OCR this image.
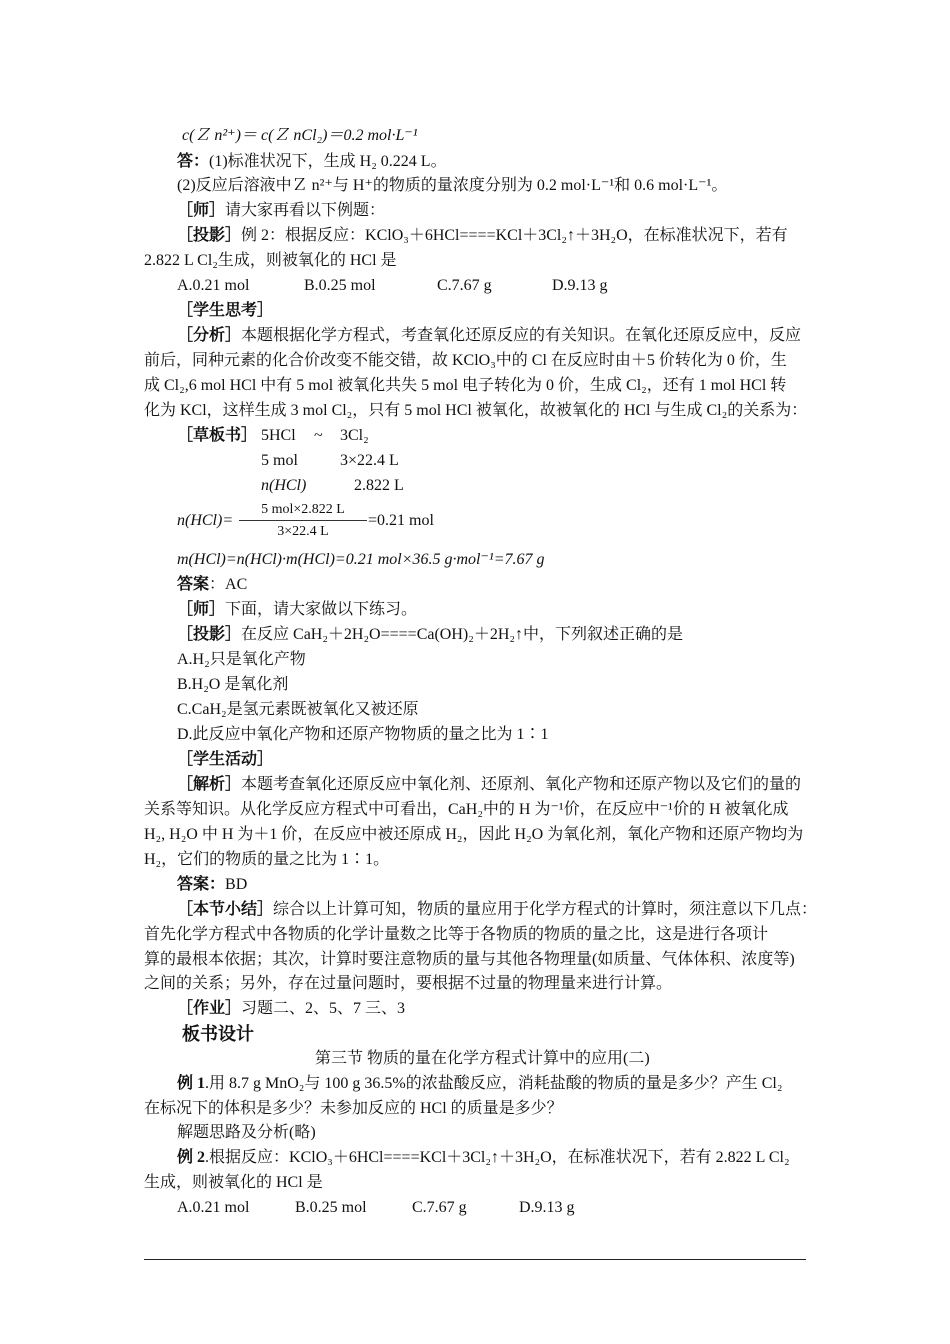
c(Ｚ n²⁺)＝ c(Ｚ nCl₂)＝0.2 mol·L⁻¹
答：(1)标准状况下，生成 H₂ 0.224 L。
(2)反应后溶液中Ｚ n²⁺与 H⁺的物质的量浓度分别为 0.2 mol·L⁻¹和 0.6 mol·L⁻¹。
［师］请大家再看以下例题：
［投影］例 2：根据反应：KClO₃＋6HCl====KCl＋3Cl₂↑＋3H₂O，在标准状况下，若有
2.822 L Cl₂生成，则被氧化的 HCl 是
A.0.21 mol	B.0.25 mol	C.7.67 g	D.9.13 g
［学生思考］
［分析］本题根据化学方程式，考查氧化还原反应的有关知识。在氧化还原反应中，反应
前后，同种元素的化合价改变不能交错，故 KClO₃中的 Cl 在反应时由＋5 价转化为 0 价，生
成 Cl₂,6 mol HCl 中有 5 mol 被氧化共失 5 mol 电子转化为 0 价，生成 Cl₂，还有 1 mol HCl 转
化为 KCl，这样生成 3 mol Cl₂，只有 5 mol HCl 被氧化，故被氧化的 HCl 与生成 Cl₂的关系为：
［草板书］ 5HCl ~ 3Cl₂
5 mol	3×22.4 L
n(HCl)	2.822 L
n(HCl)=
5 mol×2.822 L
3×22.4 L
=0.21 mol
m(HCl)=n(HCl)·m(HCl)=0.21 mol×36.5 g·mol⁻¹=7.67 g
答案：AC
［师］下面，请大家做以下练习。
［投影］在反应 CaH₂＋2H₂O====Ca(OH)₂＋2H₂↑中，下列叙述正确的是
A.H₂只是氧化产物
B.H₂O 是氧化剂
C.CaH₂是氢元素既被氧化又被还原
D.此反应中氧化产物和还原产物物质的量之比为 1∶1
［学生活动］
［解析］本题考查氧化还原反应中氧化剂、还原剂、氧化产物和还原产物以及它们的量的
关系等知识。从化学反应方程式中可看出，CaH₂中的 H 为⁻¹价，在反应中⁻¹价的 H 被氧化成
H₂, H₂O 中 H 为＋1 价，在反应中被还原成 H₂，因此 H₂O 为氧化剂，氧化产物和还原产物均为
H₂，它们的物质的量之比为 1∶1。
答案：BD
［本节小结］综合以上计算可知，物质的量应用于化学方程式的计算时，须注意以下几点：
首先化学方程式中各物质的化学计量数之比等于各物质的物质的量之比，这是进行各项计
算的最根本依据；其次，计算时要注意物质的量与其他各物理量(如质量、气体体积、浓度等)
之间的关系；另外，存在过量问题时，要根据不过量的物理量来进行计算。
［作业］习题二、2、5、7 三、3
板书设计
第三节 物质的量在化学方程式计算中的应用(二)
例 1.用 8.7 g MnO₂与 100 g 36.5%的浓盐酸反应，消耗盐酸的物质的量是多少？产生 Cl₂
在标况下的体积是多少？未参加反应的 HCl 的质量是多少？
解题思路及分析(略)
例 2.根据反应：KClO₃＋6HCl====KCl＋3Cl₂↑＋3H₂O，在标准状况下，若有 2.822 L Cl₂
生成，则被氧化的 HCl 是
A.0.21 mol	B.0.25 mol	C.7.67 g	D.9.13 g
